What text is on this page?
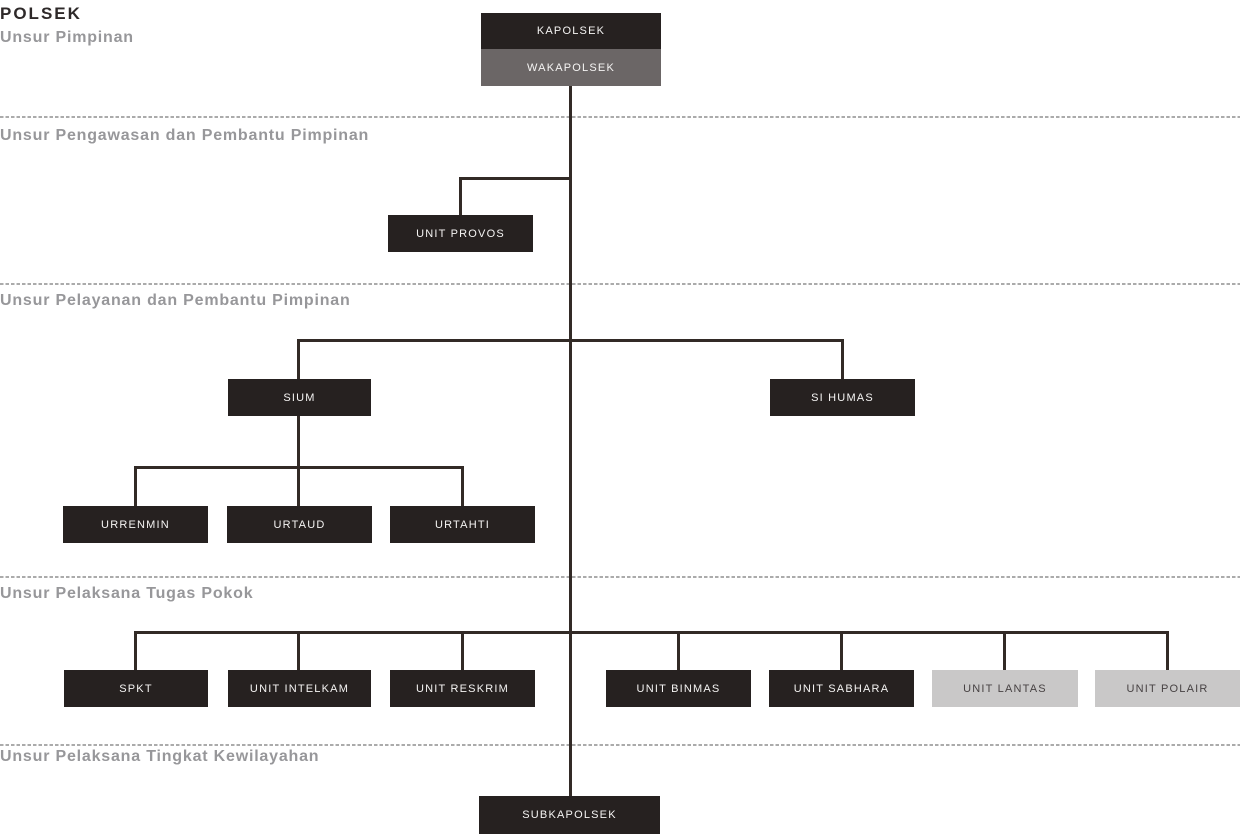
POLSEK
Unsur Pimpinan
Unsur Pengawasan dan Pembantu Pimpinan
Unsur Pelayanan dan Pembantu Pimpinan
Unsur Pelaksana Tugas Pokok
Unsur Pelaksana Tingkat Kewilayahan
KAPOLSEK
WAKAPOLSEK
UNIT PROVOS
SIUM	SI HUMAS
URRENMIN	URTAUD	URTAHTI
SPKT	UNIT INTELKAM	UNIT RESKRIM	UNIT BINMAS	UNIT SABHARA	UNIT LANTAS	UNIT POLAIR
SUBKAPOLSEK
